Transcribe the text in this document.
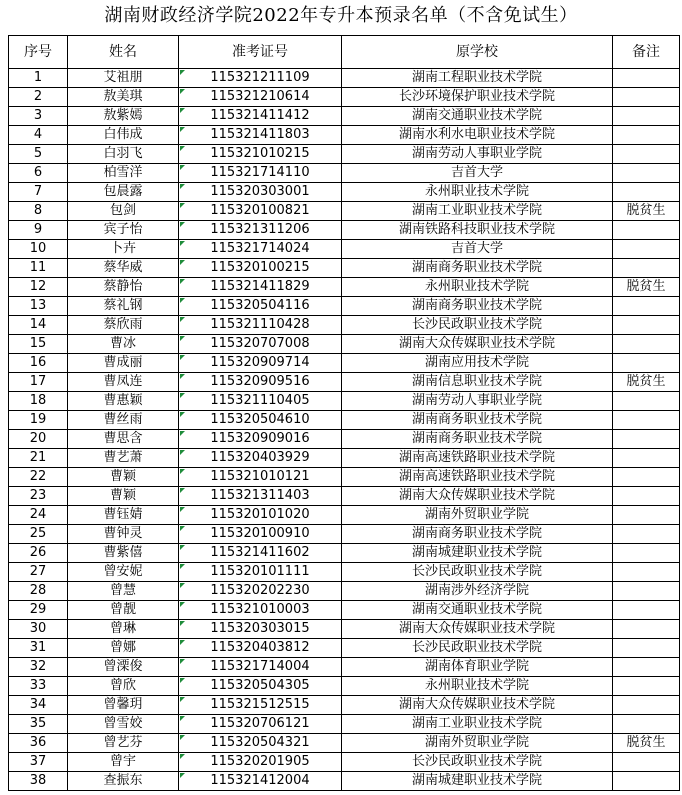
湖南财政经济学院2022年专升本预录名单（不含免试生）
序号	姓名	准考证号	原学校	备注
1	艾祖朋	115321211109	湖南工程职业技术学院	
2	敖美琪	115321210614	长沙环境保护职业技术学院	
3	敖紫嫣	115321411412	湖南交通职业技术学院	
4	白伟成	115321411803	湖南水利水电职业技术学院	
5	白羽飞	115321010215	湖南劳动人事职业学院	
6	柏雪洋	115321714110	吉首大学	
7	包晨露	115320303001	永州职业技术学院	
8	包剑	115320100821	湖南工业职业技术学院	脱贫生
9	宾子怡	115321311206	湖南铁路科技职业技术学院	
10	卜卉	115321714024	吉首大学	
11	蔡华威	115320100215	湖南商务职业技术学院	
12	蔡静怡	115321411829	永州职业技术学院	脱贫生
13	蔡礼钢	115320504116	湖南商务职业技术学院	
14	蔡欣雨	115321110428	长沙民政职业技术学院	
15	曹冰	115320707008	湖南大众传媒职业技术学院	
16	曹成丽	115320909714	湖南应用技术学院	
17	曹凤连	115320909516	湖南信息职业技术学院	脱贫生
18	曹惠颖	115321110405	湖南劳动人事职业学院	
19	曹丝雨	115320504610	湖南商务职业技术学院	
20	曹思含	115320909016	湖南商务职业技术学院	
21	曹艺萧	115320403929	湖南高速铁路职业技术学院	
22	曹颖	115321010121	湖南高速铁路职业技术学院	
23	曹颖	115321311403	湖南大众传媒职业技术学院	
24	曹钰婧	115320101020	湖南外贸职业学院	
25	曹钟灵	115320100910	湖南商务职业技术学院	
26	曹紫僖	115321411602	湖南城建职业技术学院	
27	曾安妮	115320101111	长沙民政职业技术学院	
28	曾慧	115320202230	湖南涉外经济学院	
29	曾靓	115321010003	湖南交通职业技术学院	
30	曾琳	115320303015	湖南大众传媒职业技术学院	
31	曾娜	115320403812	长沙民政职业技术学院	
32	曾溧俊	115321714004	湖南体育职业学院	
33	曾欣	115320504305	永州职业技术学院	
34	曾馨玥	115321512515	湖南大众传媒职业技术学院	
35	曾雪姣	115320706121	湖南工业职业技术学院	
36	曾艺芬	115320504321	湖南外贸职业学院	脱贫生
37	曾宇	115320201905	长沙民政职业技术学院	
38	查振东	115321412004	湖南城建职业技术学院	
